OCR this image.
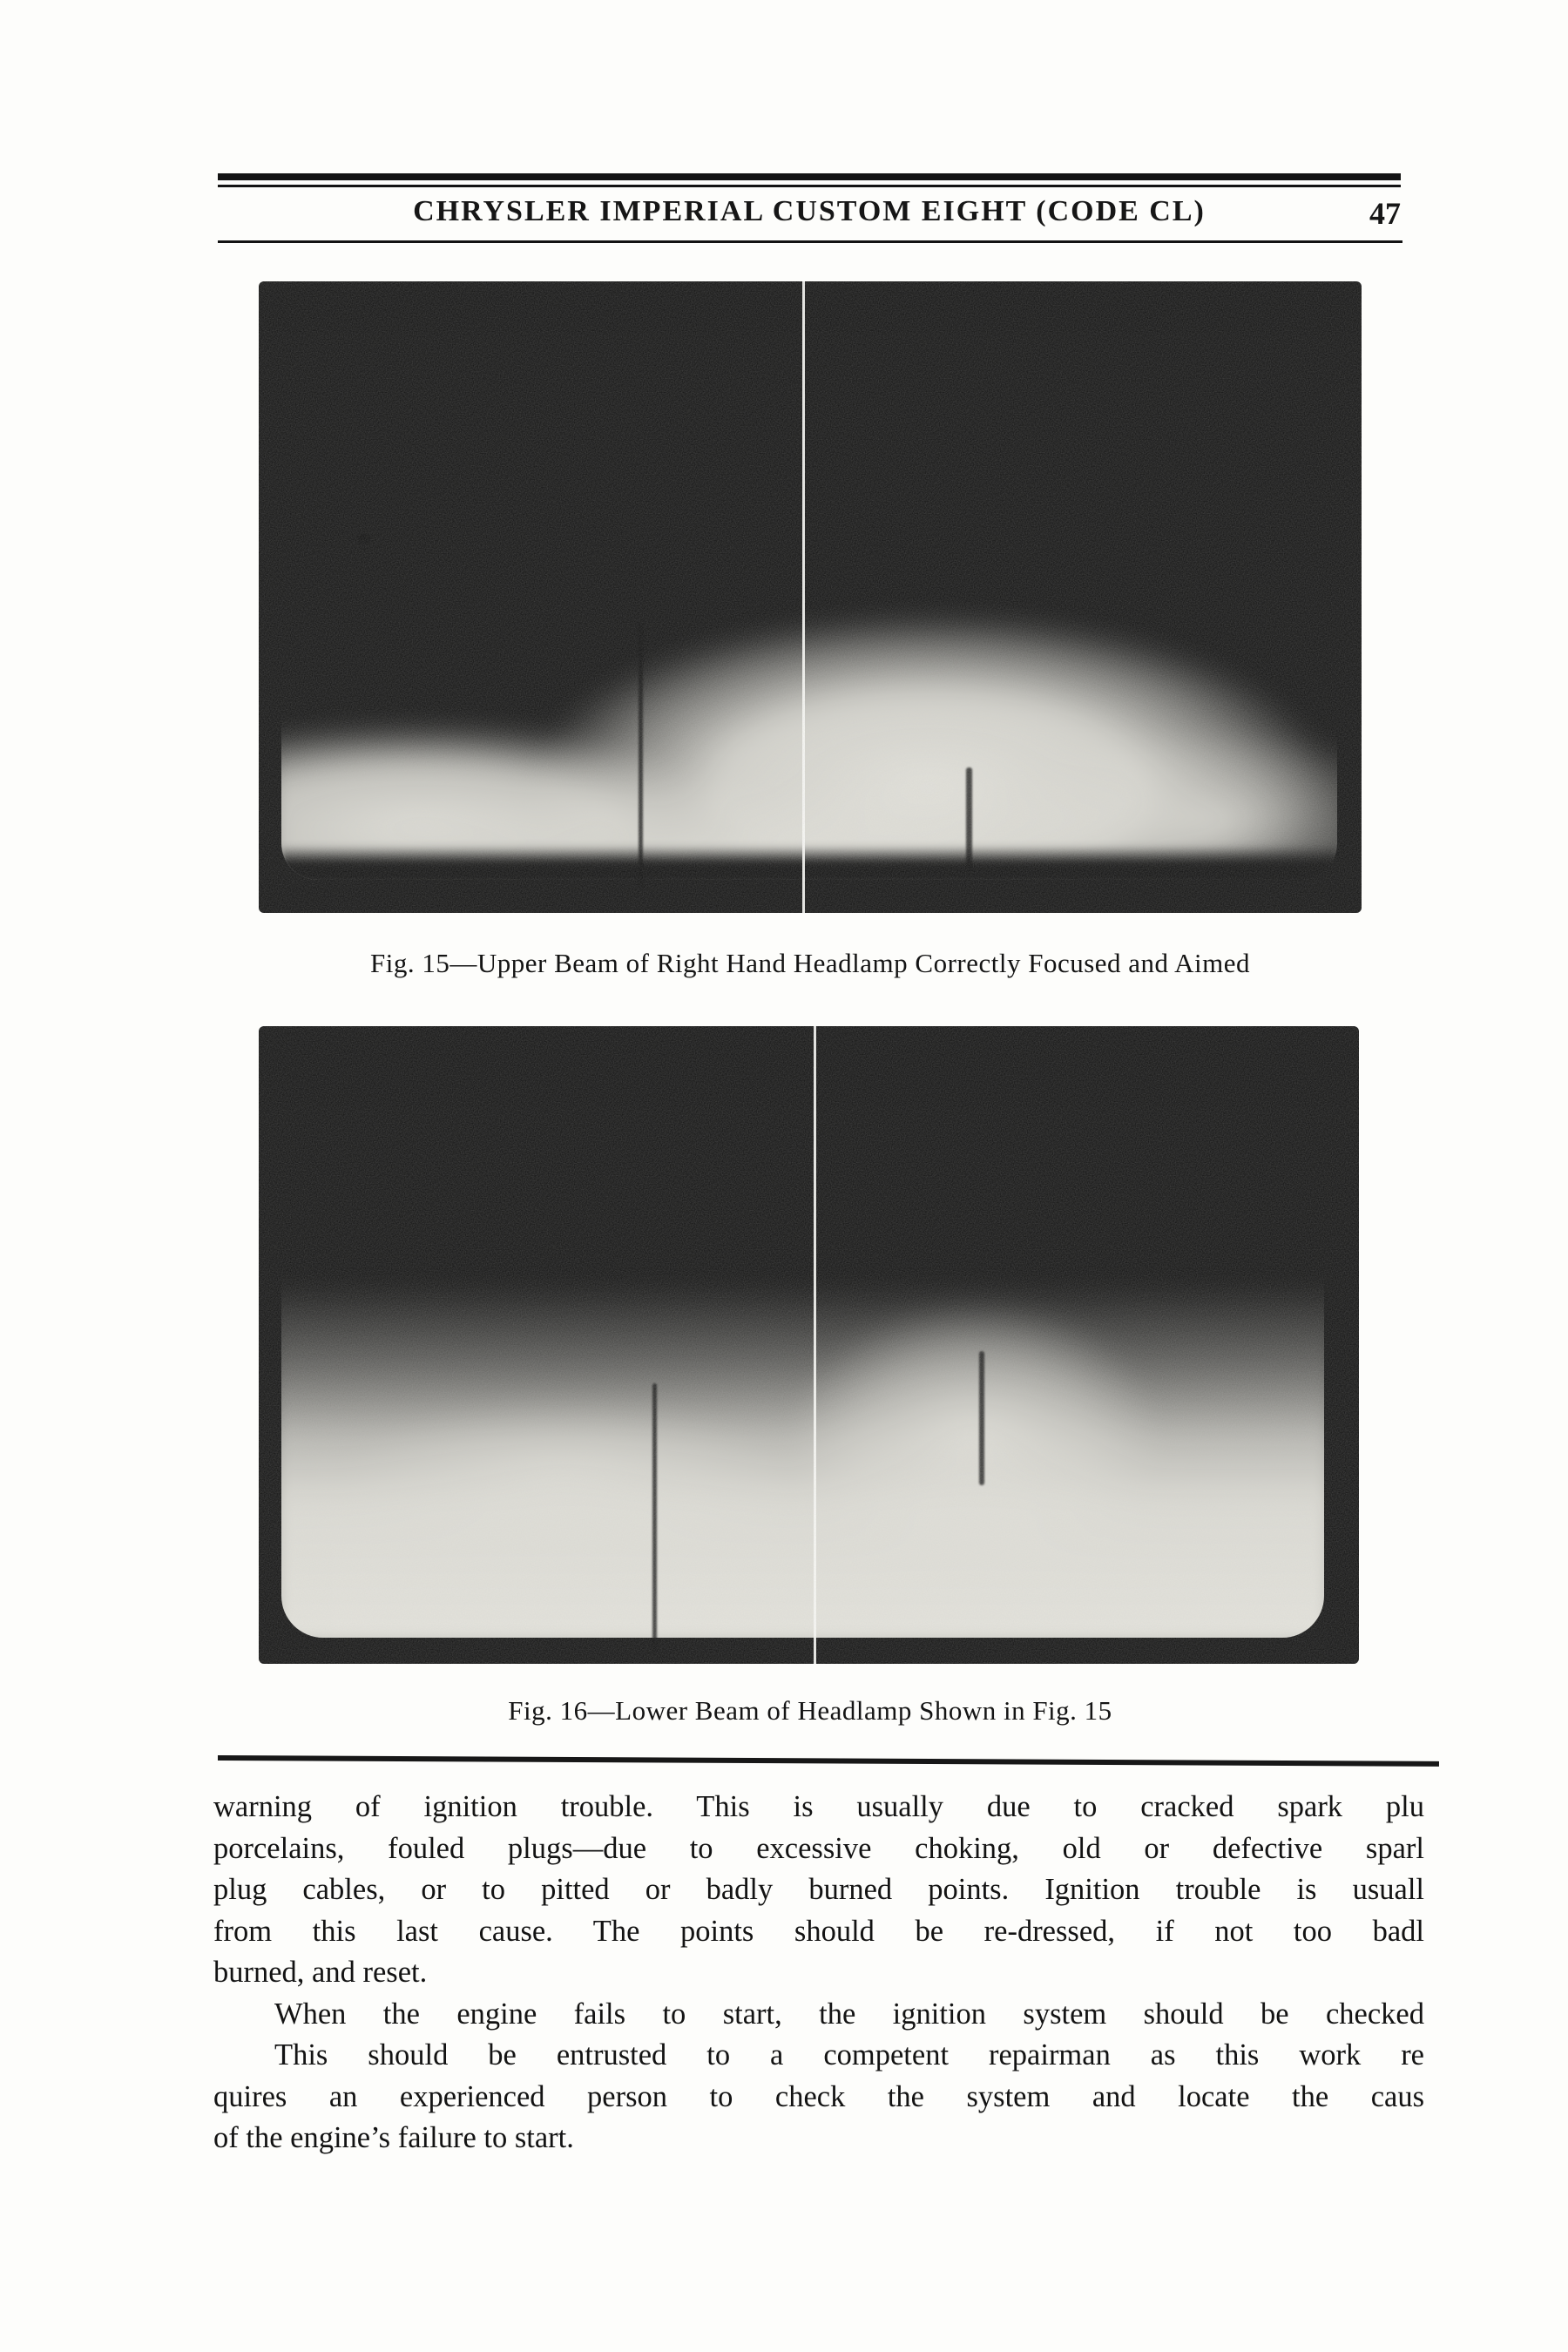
CHRYSLER IMPERIAL CUSTOM EIGHT (CODE CL)	47
Fig. 15—Upper Beam of Right Hand Headlamp Correctly Focused and Aimed
Fig. 16—Lower Beam of Headlamp Shown in Fig. 15
warning of ignition trouble. This is usually due to cracked spark plu
porcelains, fouled plugs—due to excessive choking, old or defective sparl
plug cables, or to pitted or badly burned points. Ignition trouble is usuall
from this last cause. The points should be re-dressed, if not too badl
burned, and reset.
When the engine fails to start, the ignition system should be checked
This should be entrusted to a competent repairman as this work re
quires an experienced person to check the system and locate the caus
of the engine’s failure to start.
